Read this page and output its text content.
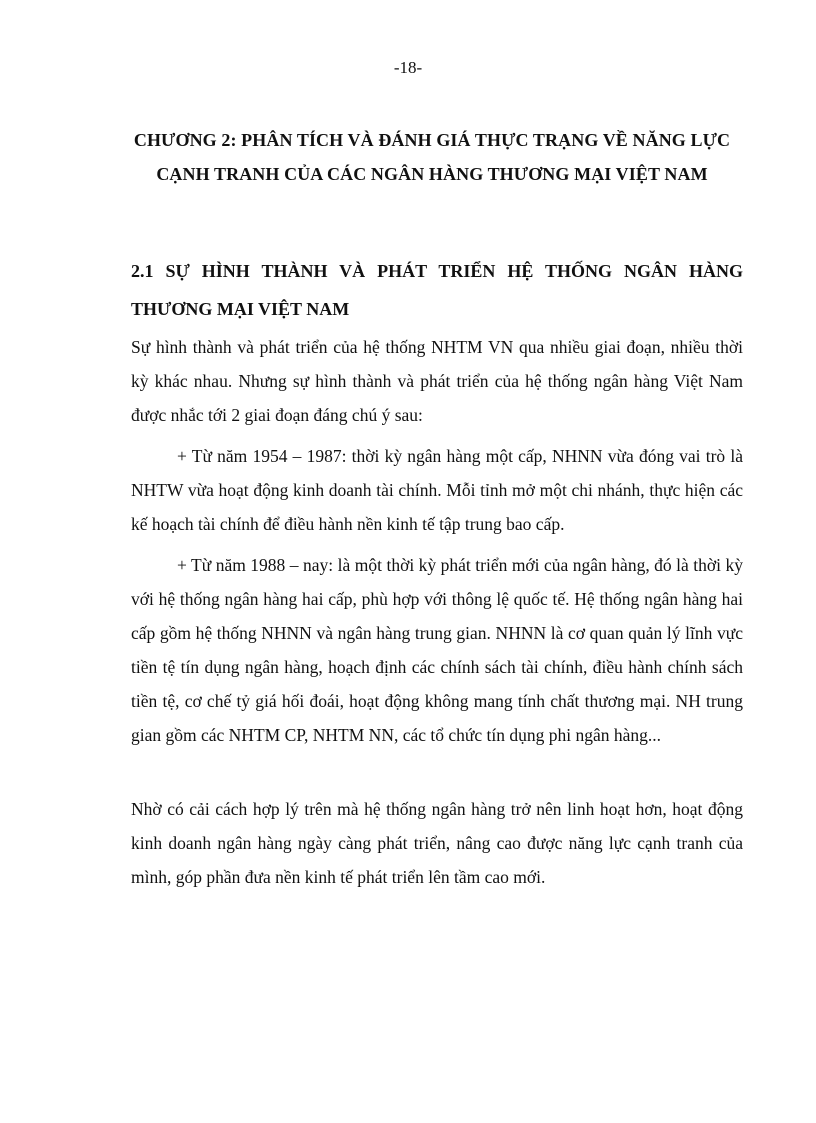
-18-
CHƯƠNG 2: PHÂN TÍCH VÀ ĐÁNH GIÁ THỰC TRẠNG VỀ NĂNG LỰC
CẠNH TRANH CỦA CÁC NGÂN HÀNG THƯƠNG MẠI VIỆT NAM
2.1 SỰ HÌNH THÀNH VÀ PHÁT TRIỂN HỆ THỐNG NGÂN HÀNG
THƯƠNG MẠI VIỆT NAM

Sự hình thành và phát triển của hệ thống NHTM VN qua nhiều giai đoạn, nhiều thời kỳ khác nhau. Nhưng sự hình thành và phát triển của hệ thống ngân hàng Việt Nam được nhắc tới 2 giai đoạn đáng chú ý sau:

+ Từ năm 1954 – 1987: thời kỳ ngân hàng một cấp, NHNN vừa đóng vai trò là NHTW vừa hoạt động kinh doanh tài chính. Mỗi tỉnh mở một chi nhánh, thực hiện các kế hoạch tài chính để điều hành nền kinh tế tập trung bao cấp.

+ Từ năm 1988 – nay: là một thời kỳ phát triển mới của ngân hàng, đó là thời kỳ với hệ thống ngân hàng hai cấp, phù hợp với thông lệ quốc tế. Hệ thống ngân hàng hai cấp gồm hệ thống NHNN và ngân hàng trung gian. NHNN là cơ quan quản lý lĩnh vực tiền tệ tín dụng ngân hàng, hoạch định các chính sách tài chính, điều hành chính sách tiền tệ, cơ chế tỷ giá hối đoái, hoạt động không mang tính chất thương mại. NH trung gian gồm các NHTM CP, NHTM NN, các tổ chức tín dụng phi ngân hàng...

Nhờ có cải cách hợp lý trên mà hệ thống ngân hàng trở nên linh hoạt hơn, hoạt động kinh doanh ngân hàng ngày càng phát triển, nâng cao được năng lực cạnh tranh của mình, góp phần đưa nền kinh tế phát triển lên tầm cao mới.
